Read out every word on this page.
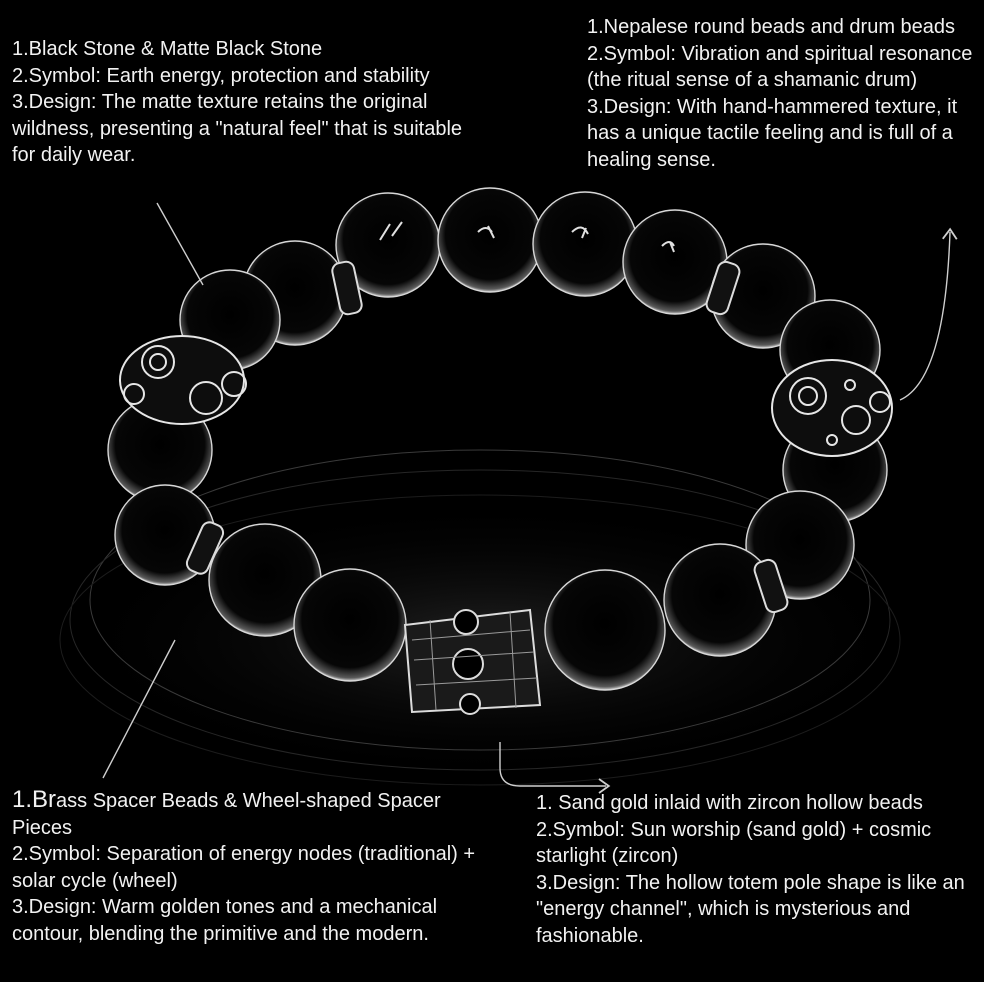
1.Black Stone & Matte Black Stone

2.Symbol: Earth energy, protection and stability

3.Design: The matte texture retains the original wildness, presenting a "natural feel" that is suitable for daily wear.

1.Nepalese round beads and drum beads

2.Symbol: Vibration and spiritual resonance (the ritual sense of a shamanic drum)

3.Design: With hand-hammered texture, it has a unique tactile feeling and is full of a healing sense.

1.Brass Spacer Beads & Wheel-shaped Spacer Pieces

2.Symbol: Separation of energy nodes (traditional) + solar cycle (wheel)

3.Design: Warm golden tones and a mechanical contour, blending the primitive and the modern.

1. Sand gold inlaid with zircon hollow beads

2.Symbol: Sun worship (sand gold) + cosmic starlight (zircon)

3.Design: The hollow totem pole shape is like an "energy channel", which is mysterious and fashionable.
